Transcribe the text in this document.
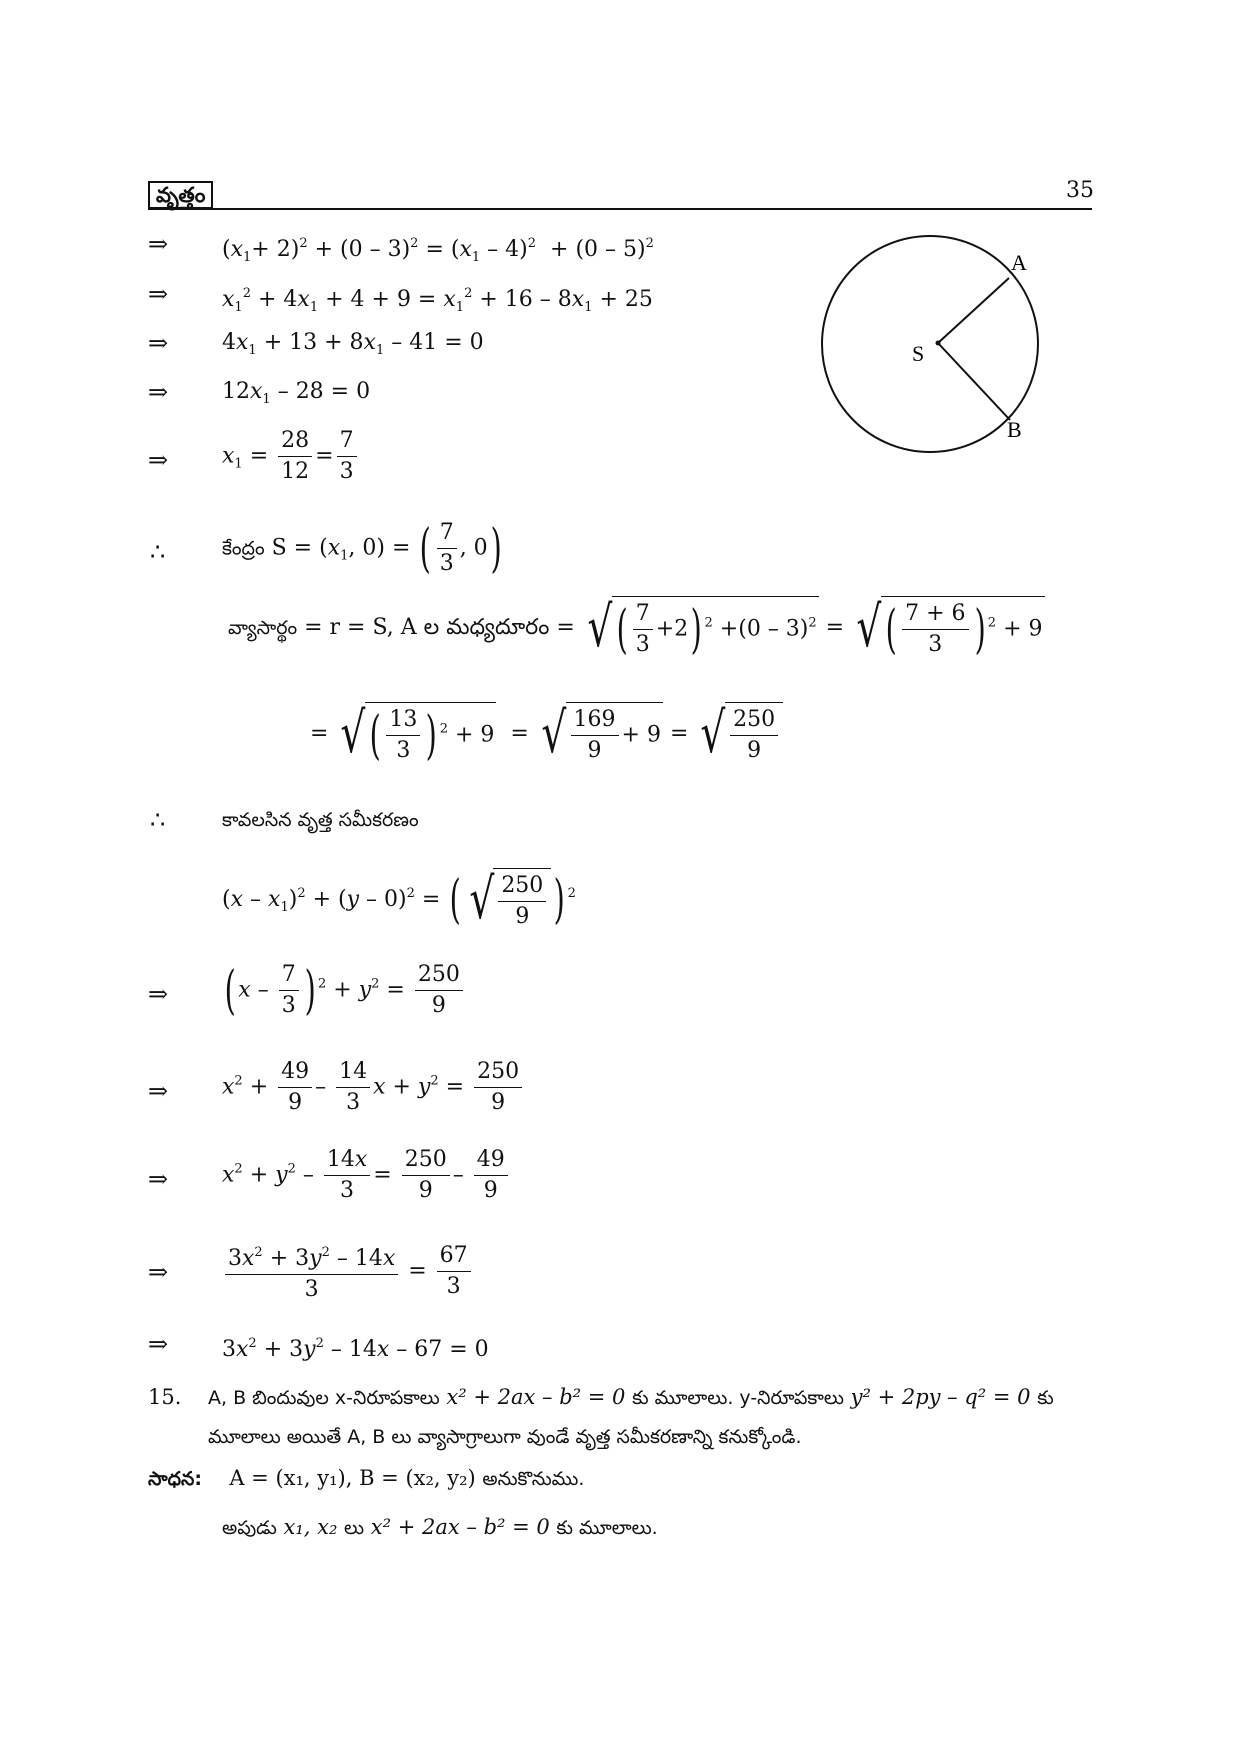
వృత్తం	35
⇒ $(x_1+ 2)^2 + (0 - 3)^2 = (x_1 - 4)^2 + (0 - 5)^2$
⇒ $x_1^2 + 4x_1 + 4 + 9 = x_1^2 + 16 - 8x_1 + 25$
⇒ $4x_1 + 13 + 8x_1 - 41 = 0$
⇒ $12x_1 - 28 = 0$
⇒ $x_1 = \frac{28}{12} = \frac{7}{3}$
∴	కేంద్రం $S = (x_1$, 0) = ( $\frac{7}{3}$ , 0)
వ్యాసార్థం = r = S, A ల మధ్యదూరం = √( $\frac{7}{3} +2$) $^2$ +(0 – 3)$^2$ = √( $\frac{7 + 6}{3}$ ) $^2$ + 9
= √( $\frac{13}{3}$ ) $^2$ + 9  = √ $\frac{169}{9} + 9$ = √ $\frac{250}{9}$
∴	కావలసిన వృత్త సమీకరణం
$(x - x_1)^2 + (y - 0)^2$ = ( √ $\frac{250}{9}$ ) $^2$
⇒ ( x – $\frac{7}{3}$ ) $^2 + y^2 = \frac{250}{9}$
⇒ $x^2 + \frac{49}{9} - \frac{14}{3}$ $x + y^2 = \frac{250}{9}$
⇒ $x^2 + y^2 - \frac{14x}{3} = \frac{250}{9} - \frac{49}{9}$
⇒	$\frac{3x^2 + 3y^2 - 14x}{3} = \frac{67}{3}$
⇒ $3x^2 + 3y^2 - 14x - 67 = 0$
15. A, B బిందువుల x-నిరూపకాలు x² + 2ax – b² = 0 కు మూలాలు. y-నిరూపకాలు y² + 2py – q² = 0 కు మూలాలు అయితే A, B లు వ్యాసాగ్రాలుగా వుండే వృత్త సమీకరణాన్ని కనుక్కోండి.
సాధన: A = (x₁, y₁), B = (x₂, y₂) అనుకొనుము.
అపుడు x₁, x₂ లు x² + 2ax – b² = 0 కు మూలాలు.
S
A
B
